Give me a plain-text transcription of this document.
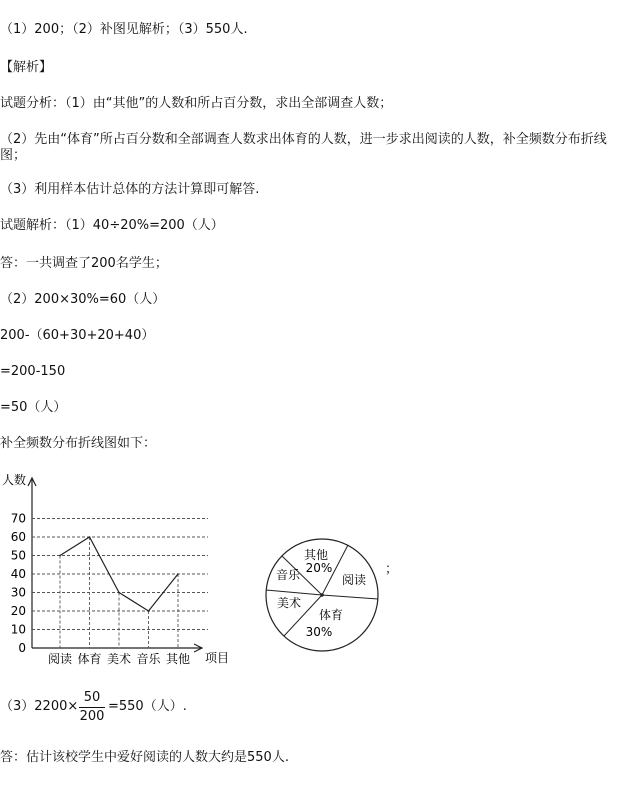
（1）200；（2）补图见解析；（3）550人.
【解析】
试题分析：（1）由“其他”的人数和所占百分数，求出全部调查人数；
（2）先由“体育”所占百分数和全部调查人数求出体育的人数，进一步求出阅读的人数，补全频数分布折线图；
（3）利用样本估计总体的方法计算即可解答.
试题解析：（1）40÷20%=200（人）
答：一共调查了200名学生；
（2）200×30%=60（人）
200-（60+30+20+40）
=200-150
=50（人）
补全频数分布折线图如下：
0
10
20
30
40
50
60
70
阅读 体育 美术 音乐 其他
人数
项目
其他
20%
阅读
体育
30%
美术
音乐	；
（3）2200×
50
200
=550（人）.
答：估计该校学生中爱好阅读的人数大约是550人.
